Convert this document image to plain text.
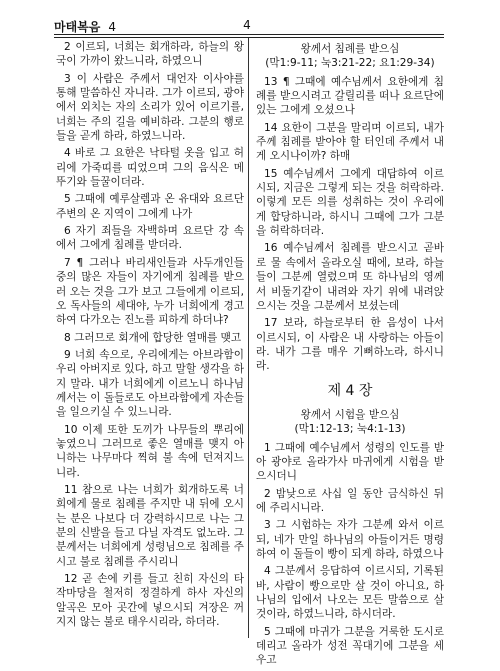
마태복음 4	4

2 이르되, 너희는 회개하라, 하늘의 왕국이 가까이 왔느니라, 하였으니

3 이 사람은 주께서 대언자 이사야를 통해 말씀하신 자니라. 그가 이르되, 광야에서 외치는 자의 소리가 있어 이르기를, 너희는 주의 길을 예비하라. 그분의 행로들을 곧게 하라, 하였느니라.

4 바로 그 요한은 낙타털 옷을 입고 허리에 가죽띠를 띠었으며 그의 음식은 메뚜기와 들꿀이더라.

5 그때에 예루살렘과 온 유대와 요르단 주변의 온 지역이 그에게 나가

6 자기 죄들을 자백하며 요르단 강 속에서 그에게 침례를 받더라.

7 ¶ 그러나 바리새인들과 사두개인들 중의 많은 자들이 자기에게 침례를 받으러 오는 것을 그가 보고 그들에게 이르되, 오 독사들의 세대야, 누가 너희에게 경고하여 다가오는 진노를 피하게 하더냐?

8 그러므로 회개에 합당한 열매를 맺고

9 너희 속으로, 우리에게는 아브라함이 우리 아버지로 있다, 하고 말할 생각을 하지 말라. 내가 너희에게 이르노니 하나님께서는 이 돌들로도 아브라함에게 자손들을 일으키실 수 있느니라.

10 이제 또한 도끼가 나무들의 뿌리에 놓였으니 그러므로 좋은 열매를 맺지 아니하는 나무마다 찍혀 불 속에 던져지느니라.

11 참으로 나는 너희가 회개하도록 너희에게 물로 침례를 주지만 내 뒤에 오시는 분은 나보다 더 강력하시므로 나는 그분의 신발을 들고 다닐 자격도 없노라. 그분께서는 너희에게 성령님으로 침례를 주시고 불로 침례를 주시리니

12 곧 손에 키를 들고 친히 자신의 타작마당을 철저히 정결하게 하사 자신의 알곡은 모아 곳간에 넣으시되 겨장은 꺼지지 않는 불로 태우시리라, 하더라.

왕께서 침례를 받으심
(막1:9-11; 눅3:21-22; 요1:29-34)

13 ¶ 그때에 예수님께서 요한에게 침례를 받으시려고 갈릴리를 떠나 요르단에 있는 그에게 오셨으나

14 요한이 그분을 말리며 이르되, 내가 주께 침례를 받아야 할 터인데 주께서 내게 오시나이까? 하매

15 예수님께서 그에게 대답하여 이르시되, 지금은 그렇게 되는 것을 허락하라. 이렇게 모든 의를 성취하는 것이 우리에게 합당하니라, 하시니 그때에 그가 그분을 허락하더라.

16 예수님께서 침례를 받으시고 곧바로 물 속에서 올라오실 때에, 보라, 하늘들이 그분께 열렸으며 또 하나님의 영께서 비둘기같이 내려와 자기 위에 내려앉으시는 것을 그분께서 보셨는데

17 보라, 하늘로부터 한 음성이 나서 이르시되, 이 사람은 내 사랑하는 아들이라. 내가 그를 매우 기뻐하노라, 하시니라.

제 4 장
왕께서 시험을 받으심
(막1:12-13; 눅4:1-13)

1 그때에 예수님께서 성령의 인도를 받아 광야로 올라가사 마귀에게 시험을 받으시더니

2 밤낮으로 사십 일 동안 금식하신 뒤에 주리시니라.

3 그 시험하는 자가 그분께 와서 이르되, 네가 만일 하나님의 아들이거든 명령하여 이 돌들이 빵이 되게 하라, 하였으나

4 그분께서 응답하여 이르시되, 기록된바, 사람이 빵으로만 살 것이 아니요, 하나님의 입에서 나오는 모든 말씀으로 살 것이라, 하였느니라, 하시더라.

5 그때에 마귀가 그분을 거룩한 도시로 데리고 올라가 성전 꼭대기에 그분을 세우고
